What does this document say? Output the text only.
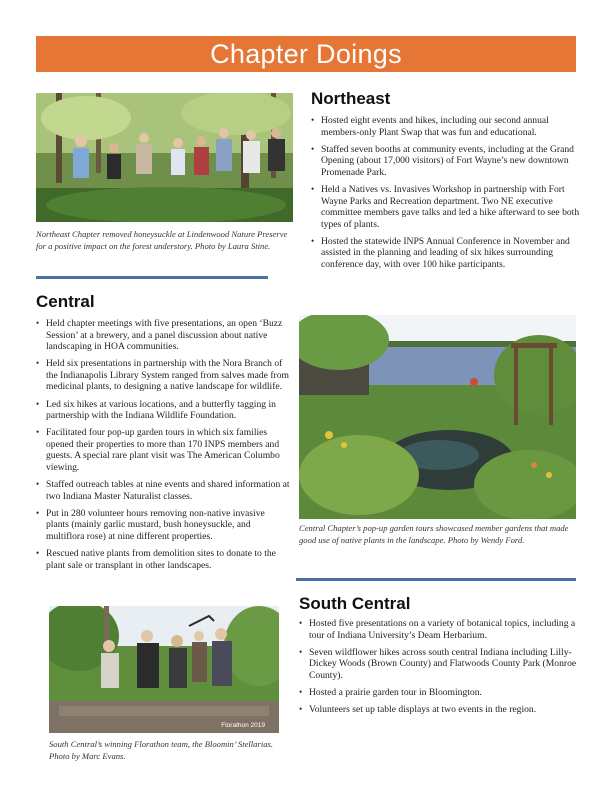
Chapter Doings
Northeast Chapter removed honeysuckle at Lindenwood Nature Preserve for a positive impact on the forest understory. Photo by Laura Stine.
Northeast
• Hosted eight events and hikes, including our second annual members-only Plant Swap that was fun and educational.
• Staffed seven booths at community events, including at the Grand Opening (about 17,000 visitors) of Fort Wayne’s new downtown Promenade Park.
• Held a Natives vs. Invasives Workshop in partnership with Fort Wayne Parks and Recreation department. Two NE executive committee members gave talks and led a hike afterward to see both types of plants.
• Hosted the statewide INPS Annual Conference in November and assisted in the planning and leading of six hikes surrounding conference day, with over 100 hike participants.
Central
• Held chapter meetings with five presentations, an open ‘Buzz Session’ at a brewery, and a panel discussion about native landscaping in HOA communities.
• Held six presentations in partnership with the Nora Branch of the Indianapolis Library System ranged from salves made from medicinal plants, to designing a native landscape for wildlife.
• Led six hikes at various locations, and a butterfly tagging in partnership with the Indiana Wildlife Foundation.
• Facilitated four pop-up garden tours in which six families opened their properties to more than 170 INPS members and guests. A special rare plant visit was The American Columbo viewing.
• Staffed outreach tables at nine events and shared information at two Indiana Master Naturalist classes.
• Put in 280 volunteer hours removing non-native invasive plants (mainly garlic mustard, bush honeysuckle, and multiflora rose) at nine different properties.
• Rescued native plants from demolition sites to donate to the plant sale or transplant in other landscapes.
Central Chapter’s pop-up garden tours showcased member gardens that made good use of native plants in the landscape. Photo by Wendy Ford.
Florathon 2019
South Central’s winning Florathon team, the Bloomin’ Stellarias. Photo by Marc Evans.
South Central
• Hosted five presentations on a variety of botanical topics, including a tour of Indiana University’s Deam Herbarium.
• Seven wildflower hikes across south central Indiana including Lilly-Dickey Woods (Brown County) and Flatwoods County Park (Monroe County).
• Hosted a prairie garden tour in Bloomington.
• Volunteers set up table displays at two events in the region.
